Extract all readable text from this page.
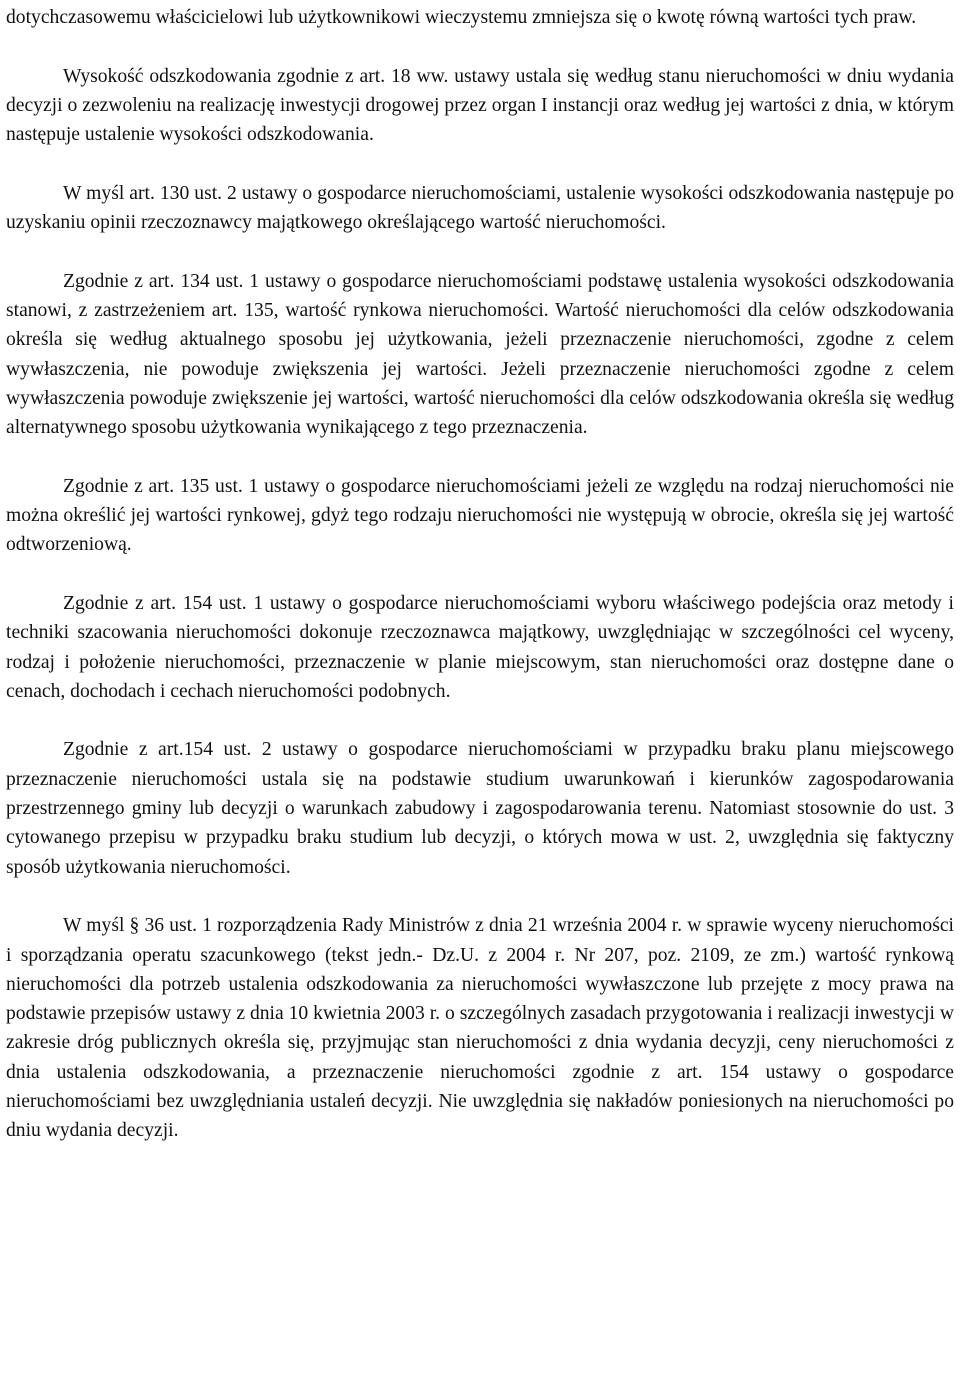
dotychczasowemu właścicielowi lub użytkownikowi wieczystemu zmniejsza się o kwotę równą wartości tych praw.

Wysokość odszkodowania zgodnie z art. 18 ww. ustawy ustala się według stanu nieruchomości w dniu wydania decyzji o zezwoleniu na realizację inwestycji drogowej przez organ I instancji oraz według jej wartości z dnia, w którym następuje ustalenie wysokości odszkodowania.

W myśl art. 130 ust. 2 ustawy o gospodarce nieruchomościami, ustalenie wysokości odszkodowania następuje po uzyskaniu opinii rzeczoznawcy majątkowego określającego wartość nieruchomości.

Zgodnie z art. 134 ust. 1 ustawy o gospodarce nieruchomościami podstawę ustalenia wysokości odszkodowania stanowi, z zastrzeżeniem art. 135, wartość rynkowa nieruchomości. Wartość nieruchomości dla celów odszkodowania określa się według aktualnego sposobu jej użytkowania, jeżeli przeznaczenie nieruchomości, zgodne z celem wywłaszczenia, nie powoduje zwiększenia jej wartości. Jeżeli przeznaczenie nieruchomości zgodne z celem wywłaszczenia powoduje zwiększenie jej wartości, wartość nieruchomości dla celów odszkodowania określa się według alternatywnego sposobu użytkowania wynikającego z tego przeznaczenia.

Zgodnie z art. 135 ust. 1 ustawy o gospodarce nieruchomościami jeżeli ze względu na rodzaj nieruchomości nie można określić jej wartości rynkowej, gdyż tego rodzaju nieruchomości nie występują w obrocie, określa się jej wartość odtworzeniową.

Zgodnie z art. 154 ust. 1 ustawy o gospodarce nieruchomościami wyboru właściwego podejścia oraz metody i techniki szacowania nieruchomości dokonuje rzeczoznawca majątkowy, uwzględniając w szczególności cel wyceny, rodzaj i położenie nieruchomości, przeznaczenie w planie miejscowym, stan nieruchomości oraz dostępne dane o cenach, dochodach i cechach nieruchomości podobnych.

Zgodnie z art.154 ust. 2 ustawy o gospodarce nieruchomościami w przypadku braku planu miejscowego przeznaczenie nieruchomości ustala się na podstawie studium uwarunkowań i kierunków zagospodarowania przestrzennego gminy lub decyzji o warunkach zabudowy i zagospodarowania terenu. Natomiast stosownie do ust. 3 cytowanego przepisu w przypadku braku studium lub decyzji, o których mowa w ust. 2, uwzględnia się faktyczny sposób użytkowania nieruchomości.

W myśl § 36 ust. 1 rozporządzenia Rady Ministrów z dnia 21 września 2004 r. w sprawie wyceny nieruchomości i sporządzania operatu szacunkowego (tekst jedn.- Dz.U. z 2004 r. Nr 207, poz. 2109, ze zm.) wartość rynkową nieruchomości dla potrzeb ustalenia odszkodowania za nieruchomości wywłaszczone lub przejęte z mocy prawa na podstawie przepisów ustawy z dnia 10 kwietnia 2003 r. o szczególnych zasadach przygotowania i realizacji inwestycji w zakresie dróg publicznych określa się, przyjmując stan nieruchomości z dnia wydania decyzji, ceny nieruchomości z dnia ustalenia odszkodowania, a przeznaczenie nieruchomości zgodnie z art. 154 ustawy o gospodarce nieruchomościami bez uwzględniania ustaleń decyzji. Nie uwzględnia się nakładów poniesionych na nieruchomości po dniu wydania decyzji.
